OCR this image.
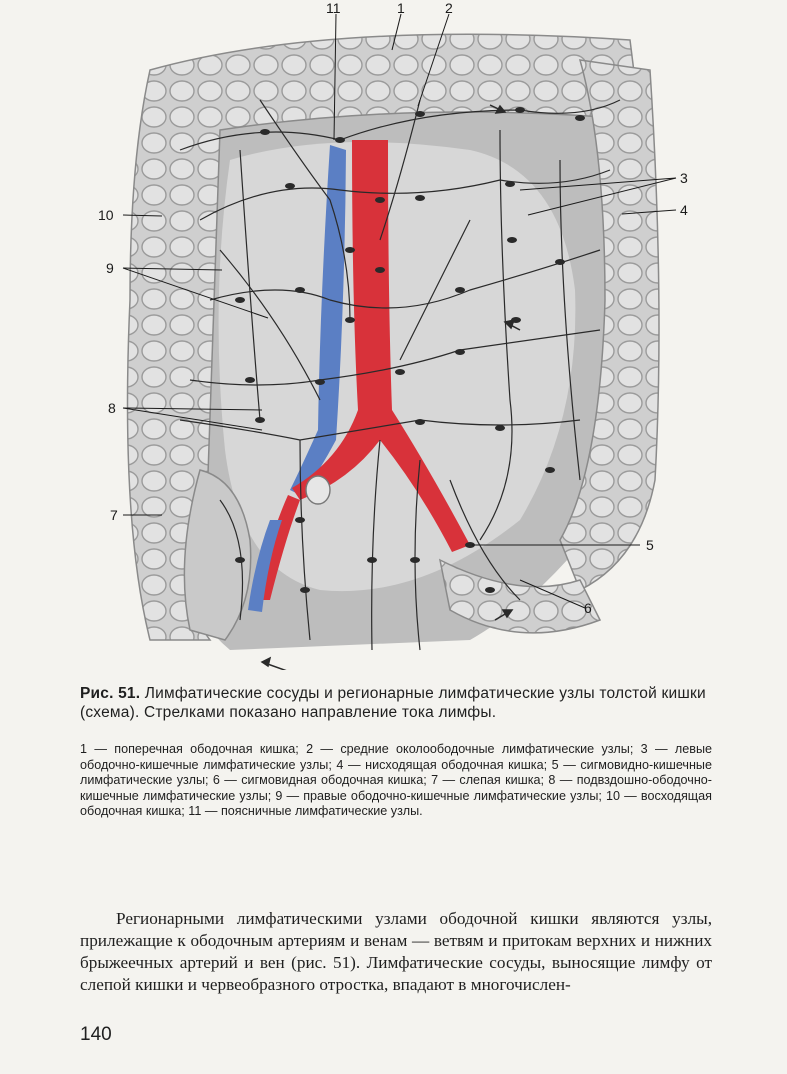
11	1	2
3
4
10
9
8
7
5
6

Рис. 51. Лимфатические сосуды и регионарные лимфатические узлы толстой кишки (схема). Стрелками показано направление тока лимфы.

1 — поперечная ободочная кишка; 2 — средние околоободочные лимфатические узлы; 3 — левые ободочно-кишечные лимфатические узлы; 4 — нисходящая ободочная кишка; 5 — сигмовидно-кишечные лимфатические узлы; 6 — сигмовидная ободочная кишка; 7 — слепая кишка; 8 — подвздошно-ободочно-кишечные лимфатические узлы; 9 — правые ободочно-кишечные лимфатические узлы; 10 — восходящая ободочная кишка; 11 — поясничные лимфатические узлы.
Регионарными лимфатическими узлами ободочной кишки являются узлы, прилежащие к ободочным артериям и венам — ветвям и притокам верхних и нижних брыжеечных артерий и вен (рис. 51). Лимфатические сосуды, выносящие лимфу от слепой кишки и червеобразного отростка, впадают в многочислен-
140
